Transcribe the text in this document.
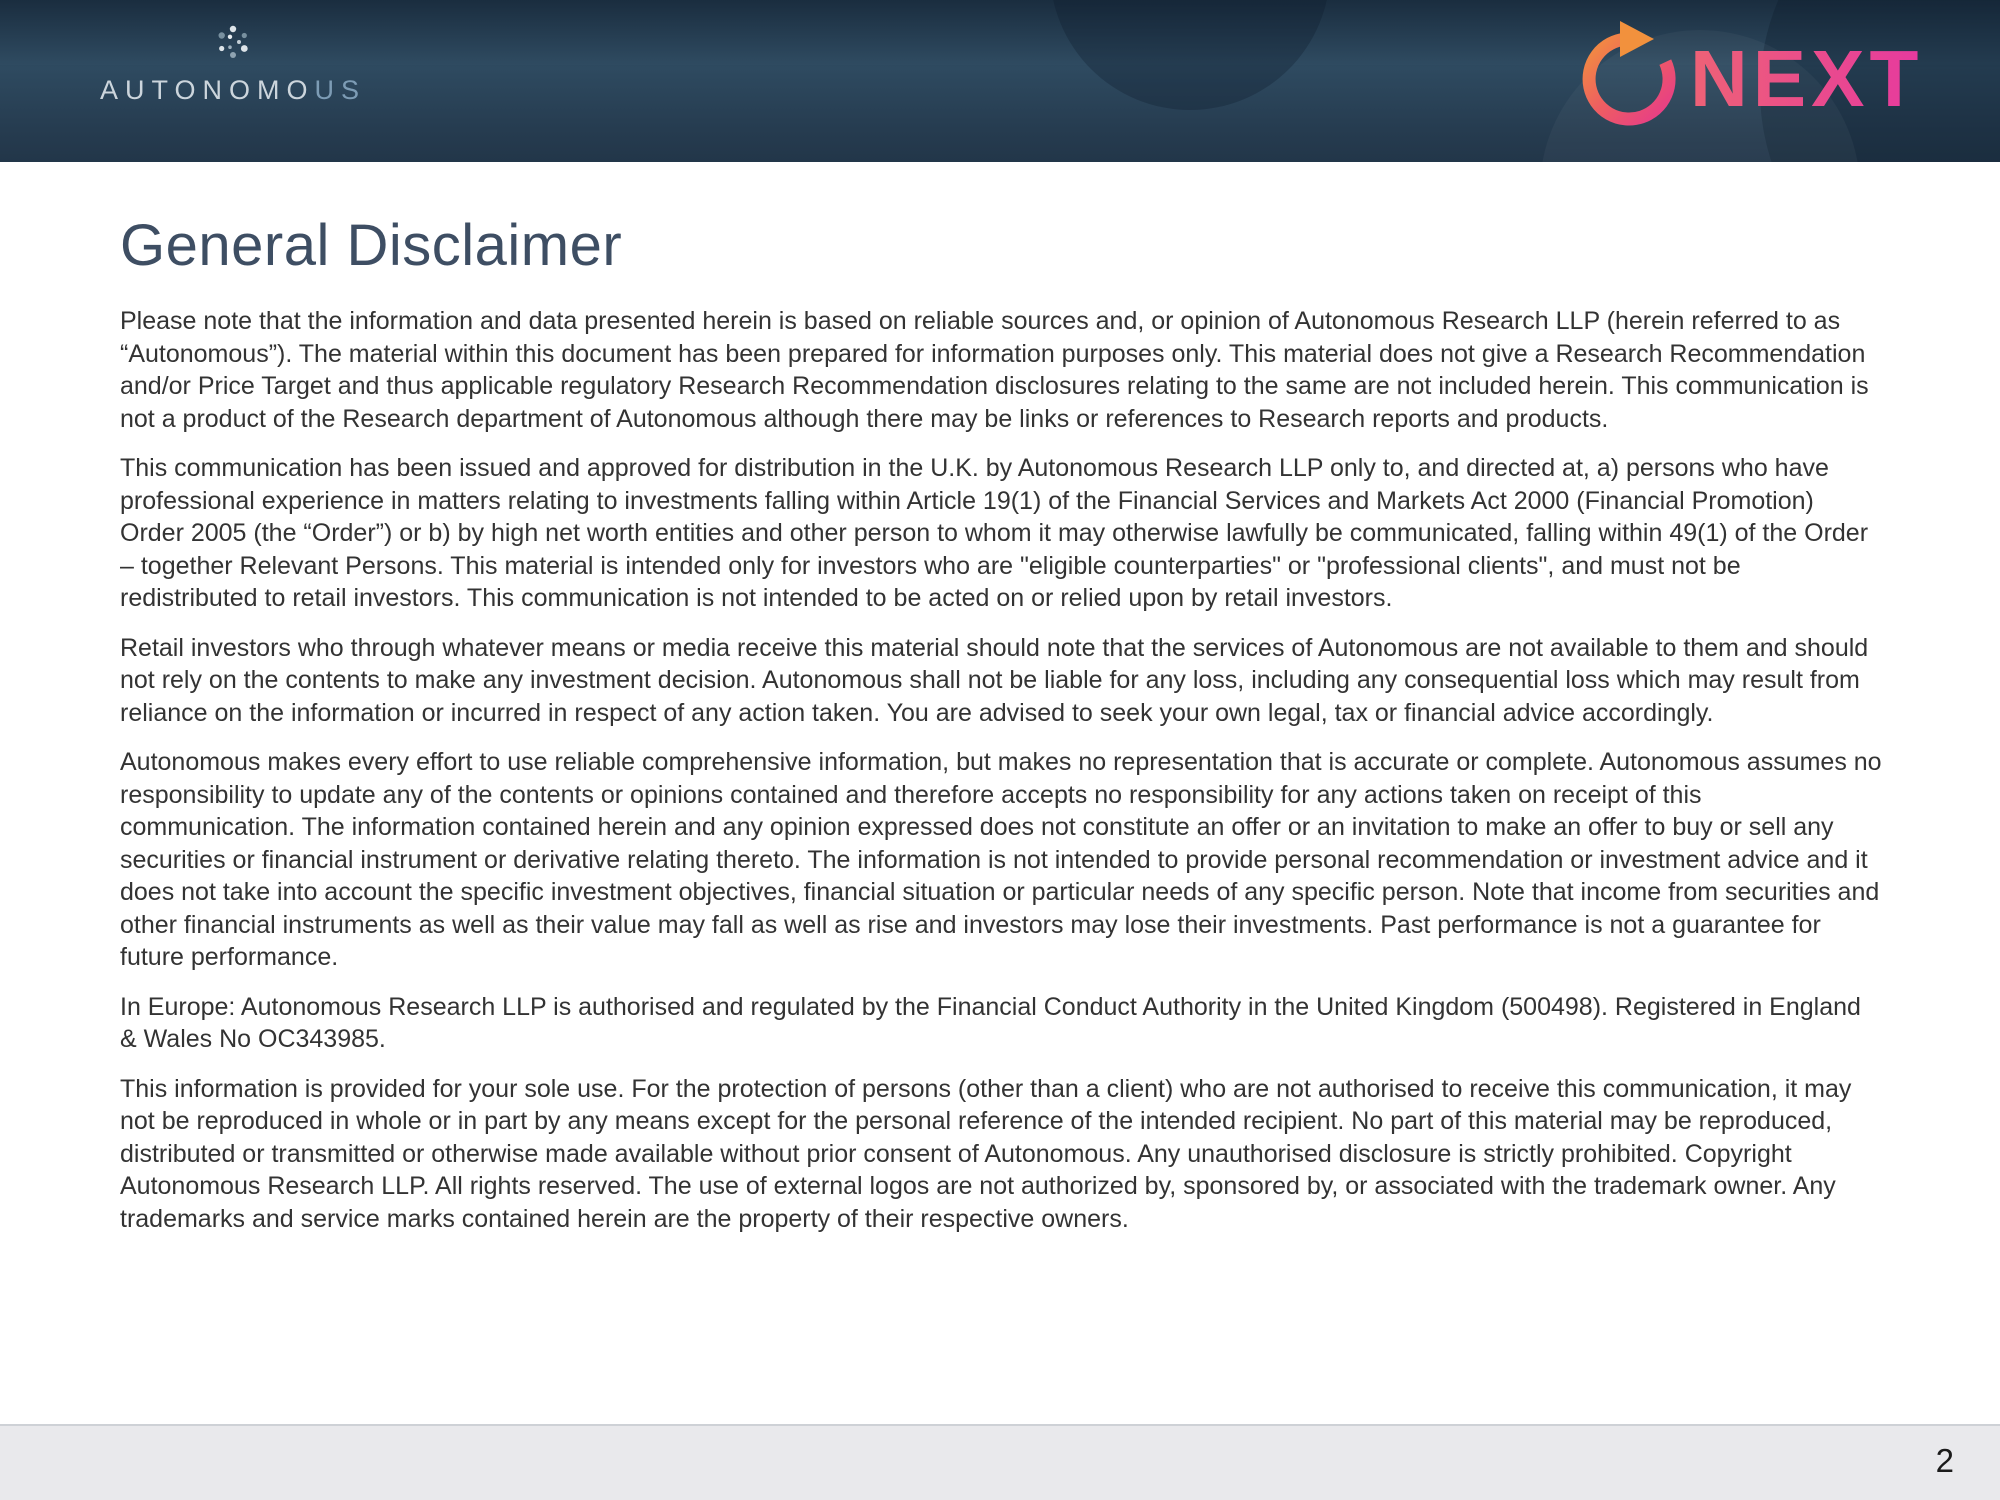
AUTONOMOUS	NEXT
General Disclaimer

Please note that the information and data presented herein is based on reliable sources and, or opinion of Autonomous Research LLP (herein referred to as “Autonomous”). The material within this document has been prepared for information purposes only. This material does not give a Research Recommendation and/or Price Target and thus applicable regulatory Research Recommendation disclosures relating to the same are not included herein. This communication is not a product of the Research department of Autonomous although there may be links or references to Research reports and products.

This communication has been issued and approved for distribution in the U.K. by Autonomous Research LLP only to, and directed at, a) persons who have professional experience in matters relating to investments falling within Article 19(1) of the Financial Services and Markets Act 2000 (Financial Promotion) Order 2005 (the “Order”) or b) by high net worth entities and other person to whom it may otherwise lawfully be communicated, falling within 49(1) of the Order – together Relevant Persons. This material is intended only for investors who are "eligible counterparties" or "professional clients", and must not be redistributed to retail investors. This communication is not intended to be acted on or relied upon by retail investors.

Retail investors who through whatever means or media receive this material should note that the services of Autonomous are not available to them and should not rely on the contents to make any investment decision. Autonomous shall not be liable for any loss, including any consequential loss which may result from reliance on the information or incurred in respect of any action taken. You are advised to seek your own legal, tax or financial advice accordingly.

Autonomous makes every effort to use reliable comprehensive information, but makes no representation that is accurate or complete. Autonomous assumes no responsibility to update any of the contents or opinions contained and therefore accepts no responsibility for any actions taken on receipt of this communication. The information contained herein and any opinion expressed does not constitute an offer or an invitation to make an offer to buy or sell any securities or financial instrument or derivative relating thereto. The information is not intended to provide personal recommendation or investment advice and it does not take into account the specific investment objectives, financial situation or particular needs of any specific person. Note that income from securities and other financial instruments as well as their value may fall as well as rise and investors may lose their investments. Past performance is not a guarantee for future performance.

In Europe: Autonomous Research LLP is authorised and regulated by the Financial Conduct Authority in the United Kingdom (500498). Registered in England & Wales No OC343985.

This information is provided for your sole use. For the protection of persons (other than a client) who are not authorised to receive this communication, it may not be reproduced in whole or in part by any means except for the personal reference of the intended recipient. No part of this material may be reproduced, distributed or transmitted or otherwise made available without prior consent of Autonomous. Any unauthorised disclosure is strictly prohibited. Copyright Autonomous Research LLP. All rights reserved. The use of external logos are not authorized by, sponsored by, or associated with the trademark owner. Any trademarks and service marks contained herein are the property of their respective owners.

2
